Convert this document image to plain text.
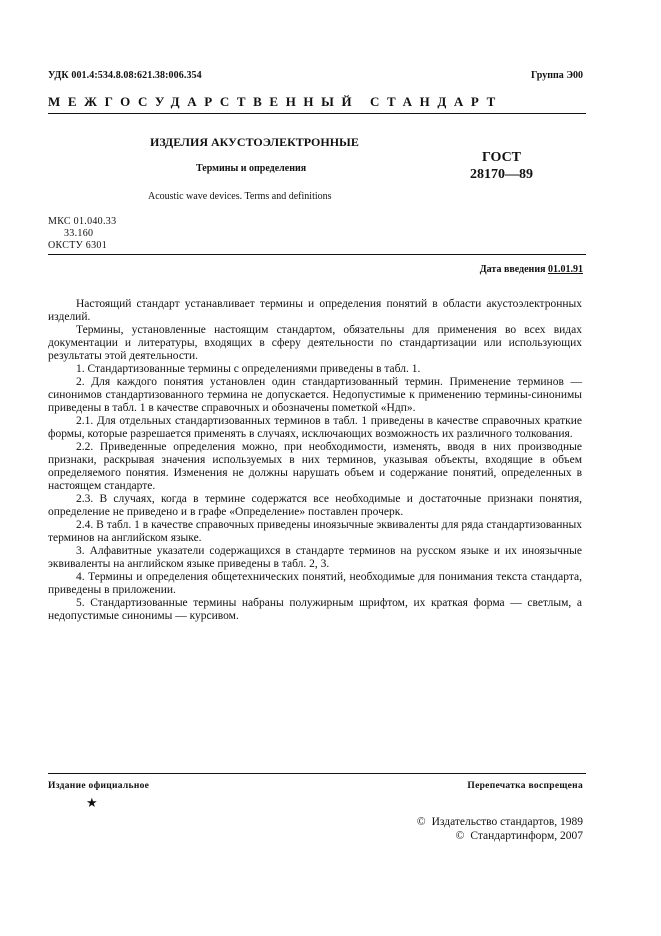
УДК 001.4:534.8.08:621.38:006.354	Группа Э00
МЕЖГОСУДАРСТВЕННЫЙ СТАНДАРТ
ИЗДЕЛИЯ АКУСТОЭЛЕКТРОННЫЕ
Термины и определения
Acoustic wave devices. Terms and definitions
ГОСТ
28170—89
МКС 01.040.33
33.160
ОКСТУ 6301
Дата введения 01.01.91

Настоящий стандарт устанавливает термины и определения понятий в области акустоэлектронных изделий.

Термины, установленные настоящим стандартом, обязательны для применения во всех видах документации и литературы, входящих в сферу деятельности по стандартизации или использующих результаты этой деятельности.

1. Стандартизованные термины с определениями приведены в табл. 1.

2. Для каждого понятия установлен один стандартизованный термин. Применение терминов — синонимов стандартизованного термина не допускается. Недопустимые к применению термины-синонимы приведены в табл. 1 в качестве справочных и обозначены пометкой «Ндп».

2.1. Для отдельных стандартизованных терминов в табл. 1 приведены в качестве справочных краткие формы, которые разрешается применять в случаях, исключающих возможность их различного толкования.

2.2. Приведенные определения можно, при необходимости, изменять, вводя в них производные признаки, раскрывая значения используемых в них терминов, указывая объекты, входящие в объем определяемого понятия. Изменения не должны нарушать объем и содержание понятий, определенных в настоящем стандарте.

2.3. В случаях, когда в термине содержатся все необходимые и достаточные признаки понятия, определение не приведено и в графе «Определение» поставлен прочерк.

2.4. В табл. 1 в качестве справочных приведены иноязычные эквиваленты для ряда стандартизованных терминов на английском языке.

3. Алфавитные указатели содержащихся в стандарте терминов на русском языке и их иноязычные эквиваленты на английском языке приведены в табл. 2, 3.

4. Термины и определения общетехнических понятий, необходимые для понимания текста стандарта, приведены в приложении.

5. Стандартизованные термины набраны полужирным шрифтом, их краткая форма — светлым, а недопустимые синонимы — курсивом.

Издание официальное	Перепечатка воспрещена
★
© Издательство стандартов, 1989
© Стандартинформ, 2007
